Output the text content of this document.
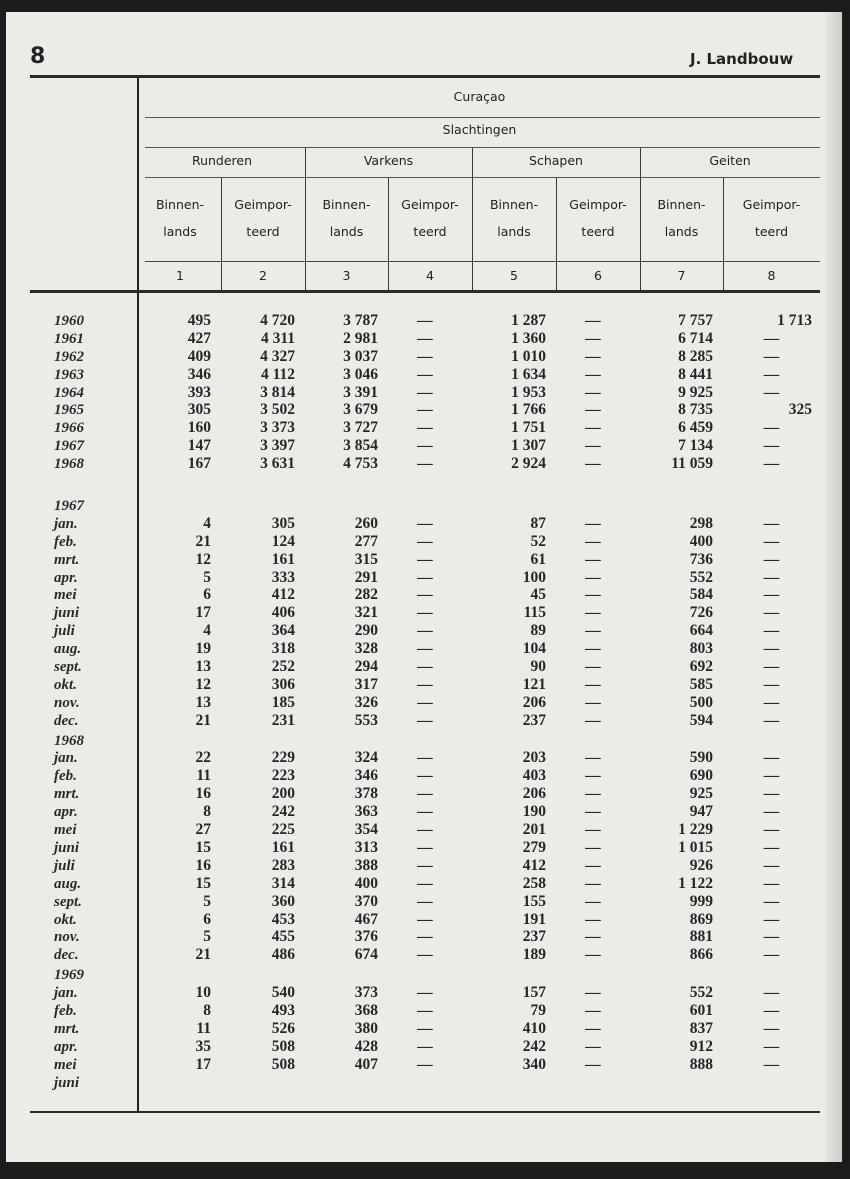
8	J. Landbouw
Curaçao
Slachtingen
Runderen	Varkens	Schapen	Geiten
Binnen-
lands
Geimpor-
teerd
Binnen-
lands
Geimpor-
teerd
Binnen-
lands
Geimpor-
teerd
Binnen-
lands
Geimpor-
teerd
1	2	3	4	5	6	7	8
1960	495	4 720	3 787	—	1 287	—	7 757	1 713
1961	427	4 311	2 981	—	1 360	—	6 714	—
1962	409	4 327	3 037	—	1 010	—	8 285	—
1963	346	4 112	3 046	—	1 634	—	8 441	—
1964	393	3 814	3 391	—	1 953	—	9 925	—
1965	305	3 502	3 679	—	1 766	—	8 735	325
1966	160	3 373	3 727	—	1 751	—	6 459	—
1967	147	3 397	3 854	—	1 307	—	7 134	—
1968	167	3 631	4 753	—	2 924	—	11 059	—
1967
jan.	4	305	260	—	87	—	298	—
feb.	21	124	277	—	52	—	400	—
mrt.	12	161	315	—	61	—	736	—
apr.	5	333	291	—	100	—	552	—
mei	6	412	282	—	45	—	584	—
juni	17	406	321	—	115	—	726	—
juli	4	364	290	—	89	—	664	—
aug.	19	318	328	—	104	—	803	—
sept.	13	252	294	—	90	—	692	—
okt.	12	306	317	—	121	—	585	—
nov.	13	185	326	—	206	—	500	—
dec.	21	231	553	—	237	—	594	—
1968
jan.	22	229	324	—	203	—	590	—
feb.	11	223	346	—	403	—	690	—
mrt.	16	200	378	—	206	—	925	—
apr.	8	242	363	—	190	—	947	—
mei	27	225	354	—	201	—	1 229	—
juni	15	161	313	—	279	—	1 015	—
juli	16	283	388	—	412	—	926	—
aug.	15	314	400	—	258	—	1 122	—
sept.	5	360	370	—	155	—	999	—
okt.	6	453	467	—	191	—	869	—
nov.	5	455	376	—	237	—	881	—
dec.	21	486	674	—	189	—	866	—
1969
jan.	10	540	373	—	157	—	552	—
feb.	8	493	368	—	79	—	601	—
mrt.	11	526	380	—	410	—	837	—
apr.	35	508	428	—	242	—	912	—
mei	17	508	407	—	340	—	888	—
juni
